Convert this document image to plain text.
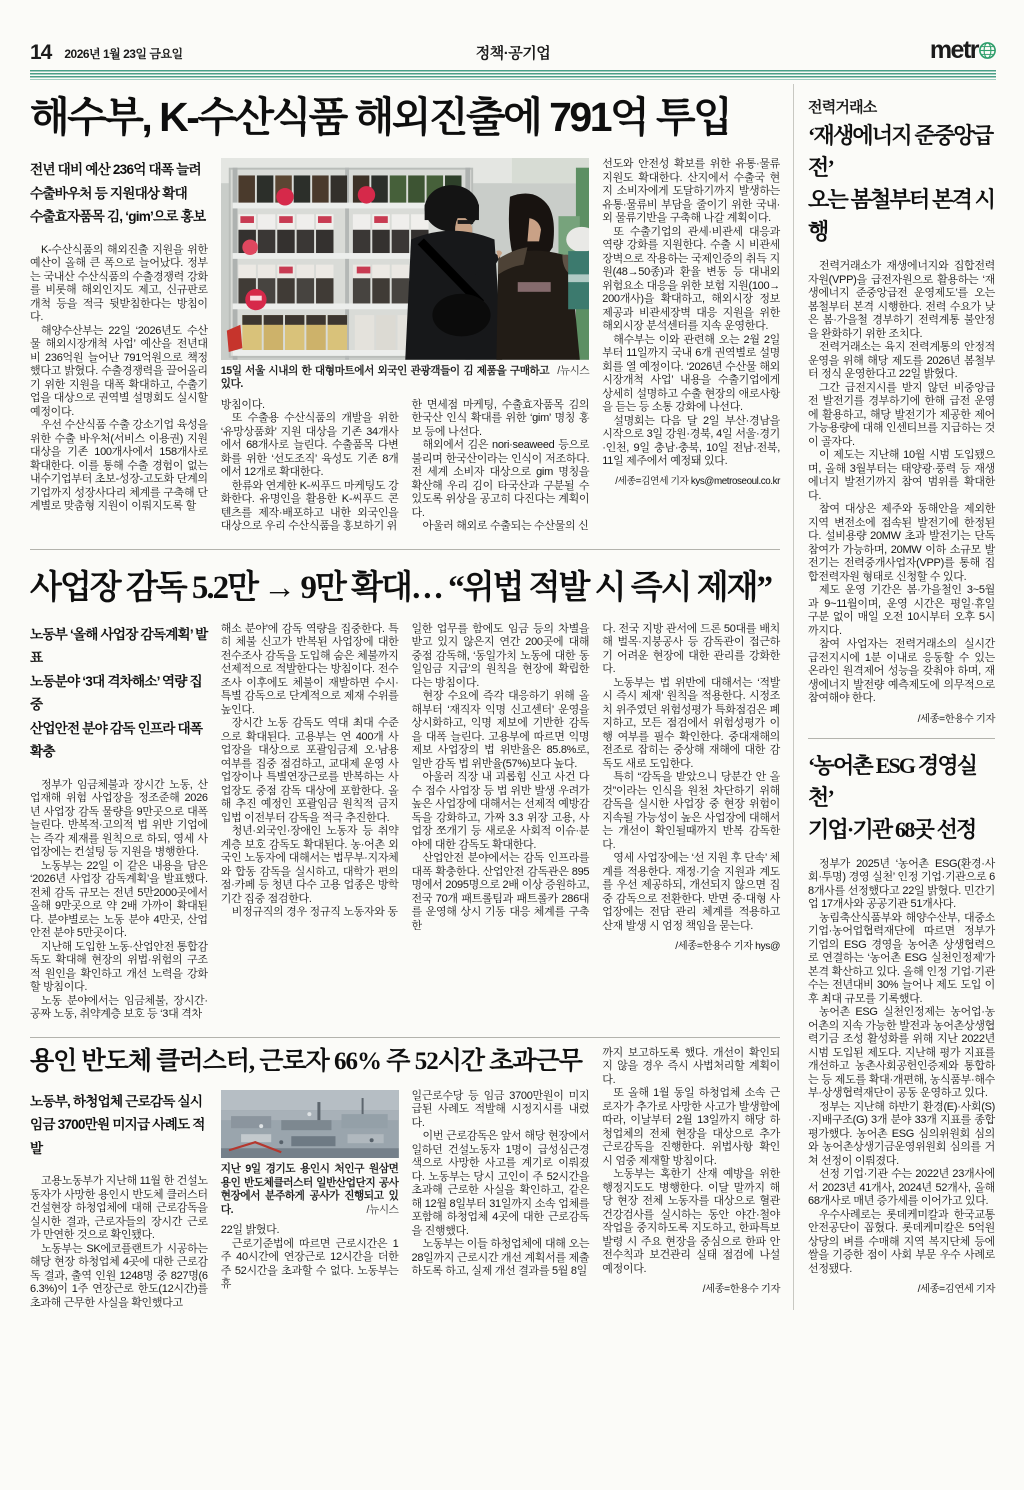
14 2026년 1월 23일 금요일	정책·공기업	metr
해수부, K-수산식품 해외진출에 791억 투입

전년 대비 예산 236억 대폭 늘려

수출바우처 등 지원대상 확대

수출효자품목 김, ‘gim’으로 홍보

K-수산식품의 해외진출 지원을 위한 예산이 올해 큰 폭으로 늘어났다. 정부는 국내산 수산식품의 수출경쟁력 강화를 비롯해 해외인지도 제고, 신규판로 개척 등을 적극 뒷받침한다는 방침이다.

해양수산부는 22일 ‘2026년도 수산물 해외시장개척 사업’ 예산을 전년대비 236억원 늘어난 791억원으로 책정했다고 밝혔다. 수출경쟁력을 끌어올리기 위한 지원을 대폭 확대하고, 수출기업을 대상으로 권역별 설명회도 실시할 예정이다.

우선 수산식품 수출 강소기업 육성을 위한 수출 바우처(서비스 이용권) 지원 대상을 기존 100개사에서 158개사로 확대한다. 이를 통해 수출 경험이 없는 내수기업부터 초보-성장-고도화 단계의 기업까지 성장사다리 체계를 구축해 단계별로 맞춤형 지원이 이뤄지도록 할

/뉴시스
15일 서울 시내의 한 대형마트에서 외국인 관광객들이 김 제품을 구매하고 있다.

방침이다.

또 수출용 수산식품의 개발을 위한 ‘유망상품화’ 지원 대상을 기존 34개사에서 68개사로 늘린다. 수출품목 다변화를 위한 ‘선도조직’ 육성도 기존 8개에서 12개로 확대한다.

한류와 연계한 K-씨푸드 마케팅도 강화한다. 유명인을 활용한 K-씨푸드 콘텐츠를 제작·배포하고 내한 외국인을 대상으로 우리 수산식품을 홍보하기 위

한 면세점 마케팅, 수출효자품목 김의 한국산 인식 확대를 위한 ‘gim’ 명칭 홍보 등에 나선다.

해외에서 김은 nori·seaweed 등으로 불리며 한국산이라는 인식이 저조하다. 전 세계 소비자 대상으로 gim 명칭을 확산해 우리 김이 타국산과 구분될 수 있도록 위상을 공고히 다진다는 계획이다.

아울러 해외로 수출되는 수산물의 신

선도와 안전성 확보를 위한 유통·물류 지원도 확대한다. 산지에서 수출국 현지 소비자에게 도달하기까지 발생하는 유통·물류비 부담을 줄이기 위한 국내·외 물류기반을 구축해 나갈 계획이다.

또 수출기업의 관세·비관세 대응과 역량 강화를 지원한다. 수출 시 비관세 장벽으로 작용하는 국제인증의 취득 지원(48→50종)과 환율 변동 등 대내외 위험요소 대응을 위한 보험 지원(100→200개사)을 확대하고, 해외시장 정보 제공과 비관세장벽 대응 지원을 위한 해외시장 분석센터를 지속 운영한다.

해수부는 이와 관련해 오는 2월 2일부터 11일까지 국내 6개 권역별로 설명회를 열 예정이다. ‘2026년 수산물 해외시장개척 사업’ 내용을 수출기업에게 상세히 설명하고 수출 현장의 애로사항을 듣는 등 소통 강화에 나선다.

설명회는 다음 달 2일 부산·경남을 시작으로 3일 강원·경북, 4일 서울·경기·인천, 9일 충남·충북, 10일 전남·전북, 11일 제주에서 예정돼 있다.

/세종=김연세 기자 kys@metroseoul.co.kr
사업장 감독 5.2만 → 9만 확대… “위법 적발 시 즉시 제재”

노동부 ‘올해 사업장 감독계획’ 발표

노동분야 ‘3대 격차해소’ 역량 집중

산업안전 분야 감독 인프라 대폭 확충

정부가 임금체불과 장시간 노동, 산업재해 위험 사업장을 정조준해 2026년 사업장 감독 물량을 9만곳으로 대폭 늘린다. 반복적·고의적 법 위반 기업에는 즉각 제재를 원칙으로 하되, 영세 사업장에는 컨설팅 등 지원을 병행한다.

노동부는 22일 이 같은 내용을 담은 ‘2026년 사업장 감독계획’을 발표했다. 전체 감독 규모는 전년 5만2000곳에서 올해 9만곳으로 약 2배 가까이 확대된다. 분야별로는 노동 분야 4만곳, 산업안전 분야 5만곳이다.

지난해 도입한 노동·산업안전 통합감독도 확대해 현장의 위법·위험의 구조적 원인을 확인하고 개선 노력을 강화할 방침이다.

노동 분야에서는 임금체불, 장시간·공짜 노동, 취약계층 보호 등 ‘3대 격차

해소 분야’에 감독 역량을 집중한다. 특히 체불 신고가 반복된 사업장에 대한 전수조사 감독을 도입해 숨은 체불까지 선제적으로 적발한다는 방침이다. 전수조사 이후에도 체불이 재발하면 수시·특별 감독으로 단계적으로 제재 수위를 높인다.

장시간 노동 감독도 역대 최대 수준으로 확대된다. 고용부는 연 400개 사업장을 대상으로 포괄임금제 오·남용 여부를 집중 점검하고, 교대제 운영 사업장이나 특별연장근로를 반복하는 사업장도 중점 감독 대상에 포함한다. 올해 추진 예정인 포괄임금 원칙적 금지 입법 이전부터 감독을 적극 추진한다.

청년·외국인·장애인 노동자 등 취약계층 보호 감독도 확대된다. 농·어촌 외국인 노동자에 대해서는 법무부·지자체와 합동 감독을 실시하고, 대학가 편의점·카페 등 청년 다수 고용 업종은 방학 기간 집중 점검한다.

비정규직의 경우 정규직 노동자와 동

일한 업무를 함에도 임금 등의 차별을 받고 있지 않은지 연간 200곳에 대해 중점 감독해, ‘동일가치 노동에 대한 동일임금 지급’의 원칙을 현장에 확립한다는 방침이다.

현장 수요에 즉각 대응하기 위해 올해부터 ‘재직자 익명 신고센터’ 운영을 상시화하고, 익명 제보에 기반한 감독을 대폭 늘린다. 고용부에 따르면 익명 제보 사업장의 법 위반율은 85.8%로, 일반 감독 법 위반율(57%)보다 높다.

아울러 직장 내 괴롭힘 신고 사건 다수 접수 사업장 등 법 위반 발생 우려가 높은 사업장에 대해서는 선제적 예방감독을 강화하고, 가짜 3.3 위장 고용, 사업장 쪼개기 등 새로운 사회적 이슈·분야에 대한 감독도 확대한다.

산업안전 분야에서는 감독 인프라를 대폭 확충한다. 산업안전 감독관은 895명에서 2095명으로 2배 이상 증원하고, 전국 70개 패트롤팀과 패트롤카 286대를 운영해 상시 기동 대응 체계를 구축한

다. 전국 지방 관서에 드론 50대를 배치해 벌목·지붕공사 등 감독관이 접근하기 어려운 현장에 대한 관리를 강화한다.

노동부는 법 위반에 대해서는 ‘적발 시 즉시 제재’ 원칙을 적용한다. 시정조치 위주였던 위험성평가 특화점검은 폐지하고, 모든 점검에서 위험성평가 이행 여부를 필수 확인한다. 중대재해의 전조로 잡히는 중상해 재해에 대한 감독도 새로 도입한다.

특히 “감독을 받았으니 당분간 안 올 것”이라는 인식을 원천 차단하기 위해 감독을 실시한 사업장 중 현장 위험이 지속될 가능성이 높은 사업장에 대해서는 개선이 확인될때까지 반복 감독한다.

영세 사업장에는 ‘선 지원 후 단속’ 체계를 적용한다. 재정·기술 지원과 계도를 우선 제공하되, 개선되지 않으면 집중 감독으로 전환한다. 반면 중·대형 사업장에는 전담 관리 체계를 적용하고 산재 발생 시 엄정 책임을 묻는다.

/세종=한용수 기자 hys@
용인 반도체 클러스터, 근로자 66% 주 52시간 초과근무

노동부, 하청업체 근로감독 실시

임금 3700만원 미지급 사례도 적발

고용노동부가 지난해 11월 한 건설노동자가 사망한 용인시 반도체 클러스터 건설현장 하청업체에 대해 근로감독을 실시한 결과, 근로자들의 장시간 근로가 만연한 것으로 확인됐다.

노동부는 SK에코플랜트가 시공하는 해당 현장 하청업체 4곳에 대한 근로감독 결과, 출역 인원 1248명 중 827명(66.3%)이 1주 연장근로 한도(12시간)를 초과해 근무한 사실을 확인했다고

지난 9일 경기도 용인시 처인구 원삼면 용인 반도체클러스터 일반산업단지 공사현장에서 분주하게 공사가 진행되고 있다.	/뉴시스

22일 밝혔다.

근로기준법에 따르면 근로시간은 1주 40시간에 연장근로 12시간을 더한 주 52시간을 초과할 수 없다. 노동부는 휴

일근로수당 등 임금 3700만원이 미지급된 사례도 적발해 시정지시를 내렸다.

이번 근로감독은 앞서 해당 현장에서 일하던 건설노동자 1명이 급성심근경색으로 사망한 사고를 계기로 이뤄졌다. 노동부는 당시 고인이 주 52시간을 초과해 근로한 사실을 확인하고, 같은 해 12월 8일부터 31일까지 소속 업체를 포함해 하청업체 4곳에 대한 근로감독을 진행했다.

노동부는 이들 하청업체에 대해 오는 28일까지 근로시간 개선 계획서를 제출하도록 하고, 실제 개선 결과를 5월 8일

까지 보고하도록 했다. 개선이 확인되지 않을 경우 즉시 사법처리할 계획이다.

또 올해 1월 동일 하청업체 소속 근로자가 추가로 사망한 사고가 발생함에 따라, 이날부터 2월 13일까지 해당 하청업체의 전체 현장을 대상으로 추가 근로감독을 진행한다. 위법사항 확인 시 엄중 제재할 방침이다.

노동부는 혹한기 산재 예방을 위한 행정지도도 병행한다. 이달 말까지 해당 현장 전체 노동자를 대상으로 혈관건강검사를 실시하는 동안 야간·철야 작업을 중지하도록 지도하고, 한파특보 발령 시 주요 현장을 중심으로 한파 안전수칙과 보건관리 실태 점검에 나설 예정이다.

/세종=한용수 기자
전력거래소

‘재생에너지 준중앙급전’

오는 봄철부터 본격 시행

전력거래소가 재생에너지와 집합전력자원(VPP)을 급전자원으로 활용하는 ‘재생에너지 준중앙급전 운영제도’를 오는 봄철부터 본격 시행한다. 전력 수요가 낮은 봄·가을철 경부하기 전력계통 불안정을 완화하기 위한 조치다.

전력거래소는 육지 전력계통의 안정적 운영을 위해 해당 제도를 2026년 봄철부터 정식 운영한다고 22일 밝혔다.

그간 급전지시를 받지 않던 비중앙급전 발전기를 경부하기에 한해 급전 운영에 활용하고, 해당 발전기가 제공한 제어가능용량에 대해 인센티브를 지급하는 것이 골자다.

이 제도는 지난해 10월 시범 도입됐으며, 올해 3월부터는 태양광·풍력 등 재생에너지 발전기까지 참여 범위를 확대한다.

참여 대상은 제주와 동해안을 제외한 지역 변전소에 접속된 발전기에 한정된다. 설비용량 20MW 초과 발전기는 단독 참여가 가능하며, 20MW 이하 소규모 발전기는 전력중개사업자(VPP)를 통해 집합전력자원 형태로 신청할 수 있다.

제도 운영 기간은 봄·가을철인 3~5월과 9~11월이며, 운영 시간은 평일·휴일 구분 없이 매일 오전 10시부터 오후 5시까지다.

참여 사업자는 전력거래소의 실시간 급전지시에 1분 이내로 응동할 수 있는 온라인 원격제어 성능을 갖춰야 하며, 재생에너지 발전량 예측제도에 의무적으로 참여해야 한다.

/세종=한용수 기자

‘농어촌 ESG 경영실천’

기업·기관 68곳 선정

정부가 2025년 ‘농어촌 ESG(환경·사회·투명) 경영 실천’ 인정 기업·기관으로 68개사를 선정했다고 22일 밝혔다. 민간기업 17개사와 공공기관 51개사다.

농림축산식품부와 해양수산부, 대중소기업·농어업협력재단에 따르면 정부가 기업의 ESG 경영을 농어촌 상생협력으로 연결하는 ‘농어촌 ESG 실천인정제’가 본격 확산하고 있다. 올해 인정 기업·기관 수는 전년대비 30% 늘어나 제도 도입 이후 최대 규모를 기록했다.

농어촌 ESG 실천인정제는 농어업·농어촌의 지속 가능한 발전과 농어촌상생협력기금 조성 활성화를 위해 지난 2022년 시범 도입된 제도다. 지난해 평가 지표를 개선하고 농촌사회공헌인증제와 통합하는 등 제도를 확대·개편해, 농식품부·해수부·상생협력재단이 공동 운영하고 있다.

정부는 지난해 하반기 환경(E)·사회(S)·지배구조(G) 3개 분야 33개 지표를 종합 평가했다. 농어촌 ESG 심의위원회 심의와 농어촌상생기금운영위원회 심의를 거쳐 선정이 이뤄졌다.

선정 기업·기관 수는 2022년 23개사에서 2023년 41개사, 2024년 52개사, 올해 68개사로 매년 증가세를 이어가고 있다.

우수사례로는 롯데케미칼과 한국교통안전공단이 꼽혔다. 롯데케미칼은 5억원 상당의 벼를 수매해 지역 복지단체 등에 쌀을 기증한 점이 사회 부문 우수 사례로 선정됐다.

/세종=김연세 기자
